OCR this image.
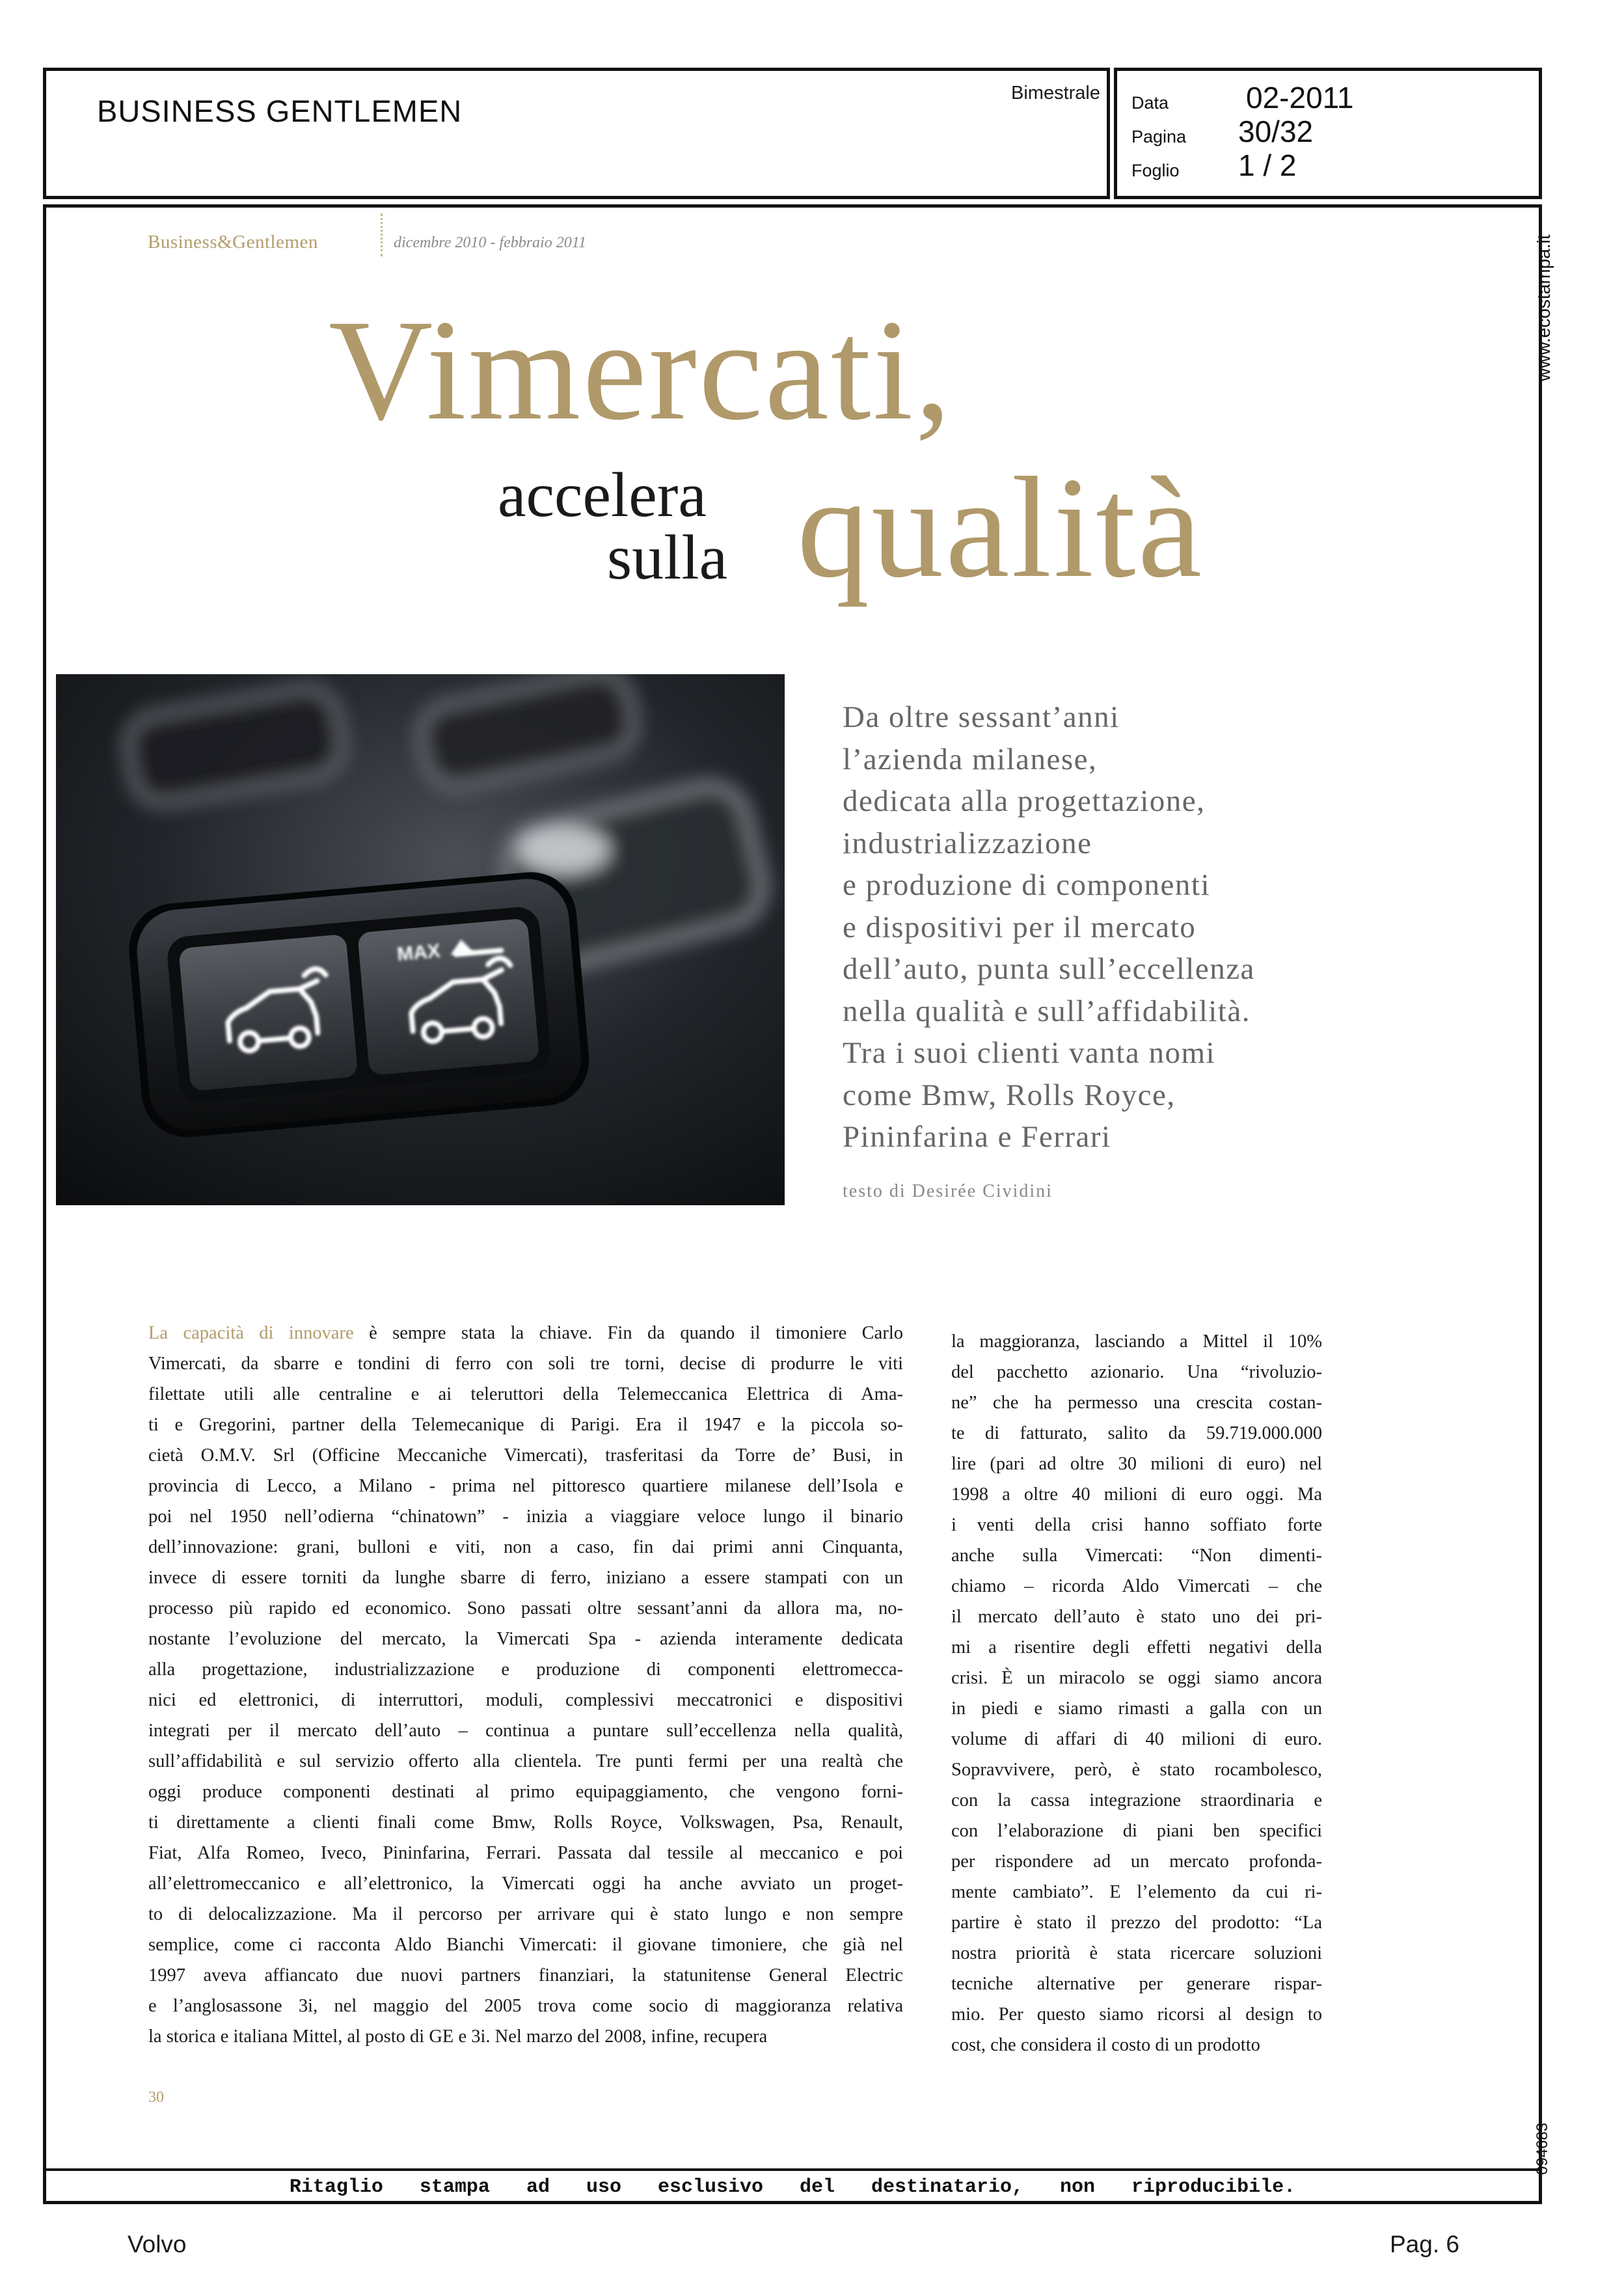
BUSINESS GENTLEMEN
Bimestrale Data	02-2011
Pagina 30/32
Foglio 1 / 2
www.ecostampa.it
094683
Business&Gentlemen	dicembre 2010 - febbraio 2011
Vimercati,
accelera
sulla qualità
MAX
Da oltre sessant’anni
l’azienda milanese,
dedicata alla progettazione,
industrializzazione
e produzione di componenti
e dispositivi per il mercato
dell’auto, punta sull’eccellenza
nella qualità e sull’affidabilità.
Tra i suoi clienti vanta nomi
come Bmw, Rolls Royce,
Pininfarina e Ferrari
testo di Desirée Cividini
La capacità di innovare è sempre stata la chiave. Fin da quando il timoniere Carlo
Vimercati, da sbarre e tondini di ferro con soli tre torni, decise di produrre le viti
filettate utili alle centraline e ai teleruttori della Telemeccanica Elettrica di Ama-
ti e Gregorini, partner della Telemecanique di Parigi. Era il 1947 e la piccola so-
cietà O.M.V. Srl (Officine Meccaniche Vimercati), trasferitasi da Torre de’ Busi, in
provincia di Lecco, a Milano - prima nel pittoresco quartiere milanese dell’Isola e
poi nel 1950 nell’odierna “chinatown” - inizia a viaggiare veloce lungo il binario
dell’innovazione: grani, bulloni e viti, non a caso, fin dai primi anni Cinquanta,
invece di essere torniti da lunghe sbarre di ferro, iniziano a essere stampati con un
processo più rapido ed economico. Sono passati oltre sessant’anni da allora ma, no-
nostante l’evoluzione del mercato, la Vimercati Spa - azienda interamente dedicata
alla progettazione, industrializzazione e produzione di componenti elettromecca-
nici ed elettronici, di interruttori, moduli, complessivi meccatronici e dispositivi
integrati per il mercato dell’auto – continua a puntare sull’eccellenza nella qualità,
sull’affidabilità e sul servizio offerto alla clientela. Tre punti fermi per una realtà che
oggi produce componenti destinati al primo equipaggiamento, che vengono forni-
ti direttamente a clienti finali come Bmw, Rolls Royce, Volkswagen, Psa, Renault,
Fiat, Alfa Romeo, Iveco, Pininfarina, Ferrari. Passata dal tessile al meccanico e poi
all’elettromeccanico e all’elettronico, la Vimercati oggi ha anche avviato un proget-
to di delocalizzazione. Ma il percorso per arrivare qui è stato lungo e non sempre
semplice, come ci racconta Aldo Bianchi Vimercati: il giovane timoniere, che già nel
1997 aveva affiancato due nuovi partners finanziari, la statunitense General Electric
e l’anglosassone 3i, nel maggio del 2005 trova come socio di maggioranza relativa
la storica e italiana Mittel, al posto di GE e 3i. Nel marzo del 2008, infine, recupera
la maggioranza, lasciando a Mittel il 10%
del pacchetto azionario. Una “rivoluzio-
ne” che ha permesso una crescita costan-
te di fatturato, salito da 59.719.000.000
lire (pari ad oltre 30 milioni di euro) nel
1998 a oltre 40 milioni di euro oggi. Ma
i venti della crisi hanno soffiato forte
anche sulla Vimercati: “Non dimenti-
chiamo – ricorda Aldo Vimercati – che
il mercato dell’auto è stato uno dei pri-
mi a risentire degli effetti negativi della
crisi. È un miracolo se oggi siamo ancora
in piedi e siamo rimasti a galla con un
volume di affari di 40 milioni di euro.
Sopravvivere, però, è stato rocambolesco,
con la cassa integrazione straordinaria e
con l’elaborazione di piani ben specifici
per rispondere ad un mercato profonda-
mente cambiato”. E l’elemento da cui ri-
partire è stato il prezzo del prodotto: “La
nostra priorità è stata ricercare soluzioni
tecniche alternative per generare rispar-
mio. Per questo siamo ricorsi al design to
cost, che considera il costo di un prodotto
30
Ritaglio stampa ad uso esclusivo del destinatario, non riproducibile.
Volvo	Pag. 6
